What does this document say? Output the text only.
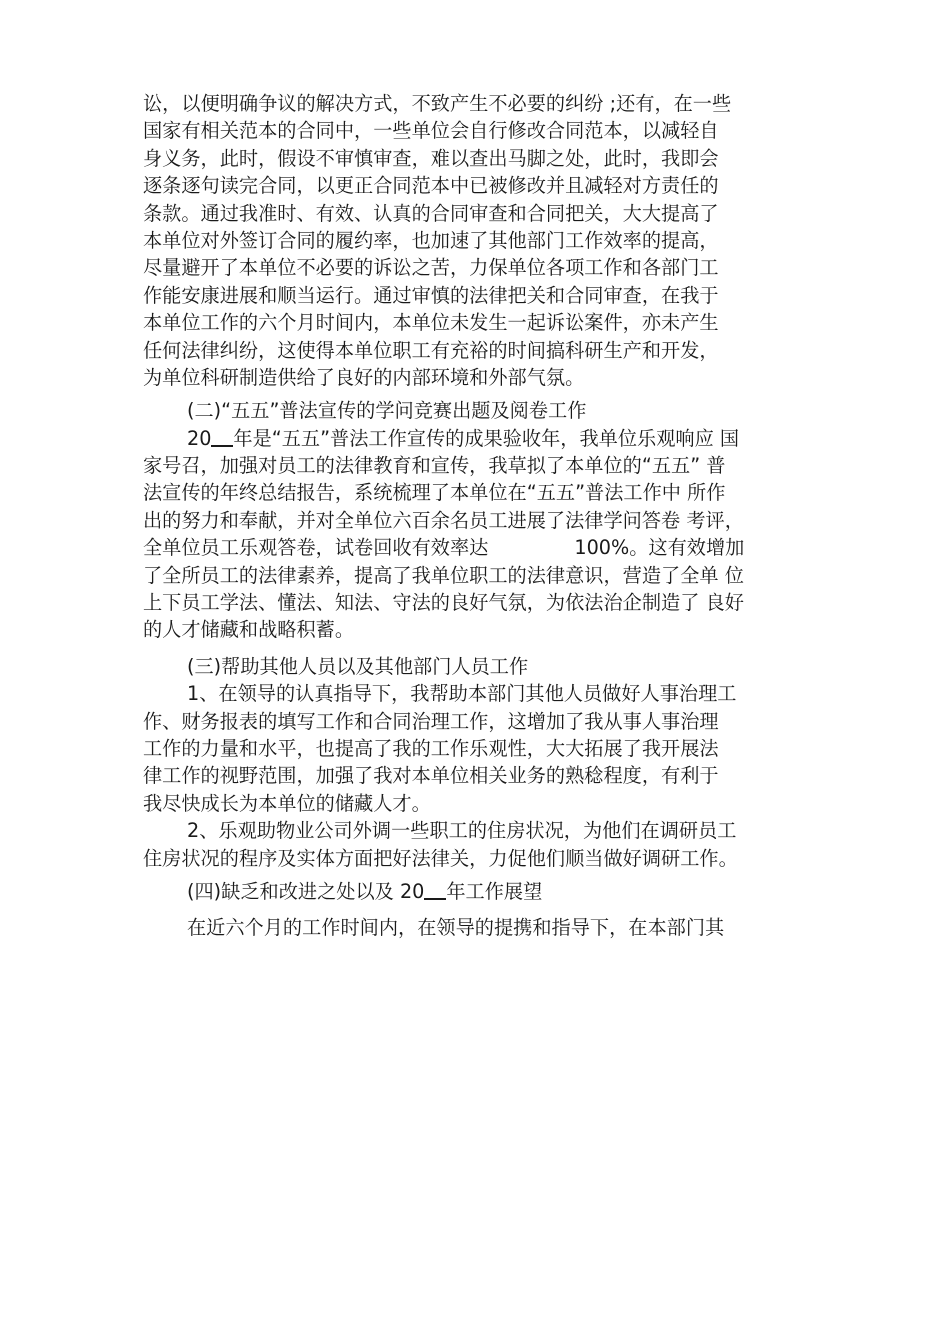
讼，以便明确争议的解决方式，不致产生不必要的纠纷 ;还有，在一些
国家有相关范本的合同中，一些单位会自行修改合同范本，以减轻自
身义务，此时，假设不审慎审查，难以查出马脚之处，此时，我即会
逐条逐句读完合同，以更正合同范本中已被修改并且减轻对方责任的
条款。通过我准时、有效、认真的合同审查和合同把关，大大提高了
本单位对外签订合同的履约率，也加速了其他部门工作效率的提高，
尽量避开了本单位不必要的诉讼之苦，力保单位各项工作和各部门工
作能安康进展和顺当运行。通过审慎的法律把关和合同审查，在我于
本单位工作的六个月时间内，本单位未发生一起诉讼案件，亦未产生
任何法律纠纷，这使得本单位职工有充裕的时间搞科研生产和开发，
为单位科研制造供给了良好的内部环境和外部气氛。
(二)“五五”普法宣传的学问竞赛出题及阅卷工作
20 年是“五五”普法工作宣传的成果验收年，我单位乐观响应 国
家号召，加强对员工的法律教育和宣传，我草拟了本单位的“五五” 普
法宣传的年终总结报告，系统梳理了本单位在“五五”普法工作中 所作
出的努力和奉献，并对全单位六百余名员工进展了法律学问答卷 考评，
全单位员工乐观答卷，试卷回收有效率达	100%。这有效增加
了全所员工的法律素养，提高了我单位职工的法律意识，营造了全单 位
上下员工学法、懂法、知法、守法的良好气氛，为依法治企制造了 良好
的人才储藏和战略积蓄。
(三)帮助其他人员以及其他部门人员工作
1、在领导的认真指导下，我帮助本部门其他人员做好人事治理工
作、财务报表的填写工作和合同治理工作，这增加了我从事人事治理
工作的力量和水平，也提高了我的工作乐观性，大大拓展了我开展法
律工作的视野范围，加强了我对本单位相关业务的熟稔程度，有利于
我尽快成长为本单位的储藏人才。
2、乐观助物业公司外调一些职工的住房状况，为他们在调研员工
住房状况的程序及实体方面把好法律关，力促他们顺当做好调研工作。
(四)缺乏和改进之处以及 20 年工作展望
在近六个月的工作时间内，在领导的提携和指导下，在本部门其
